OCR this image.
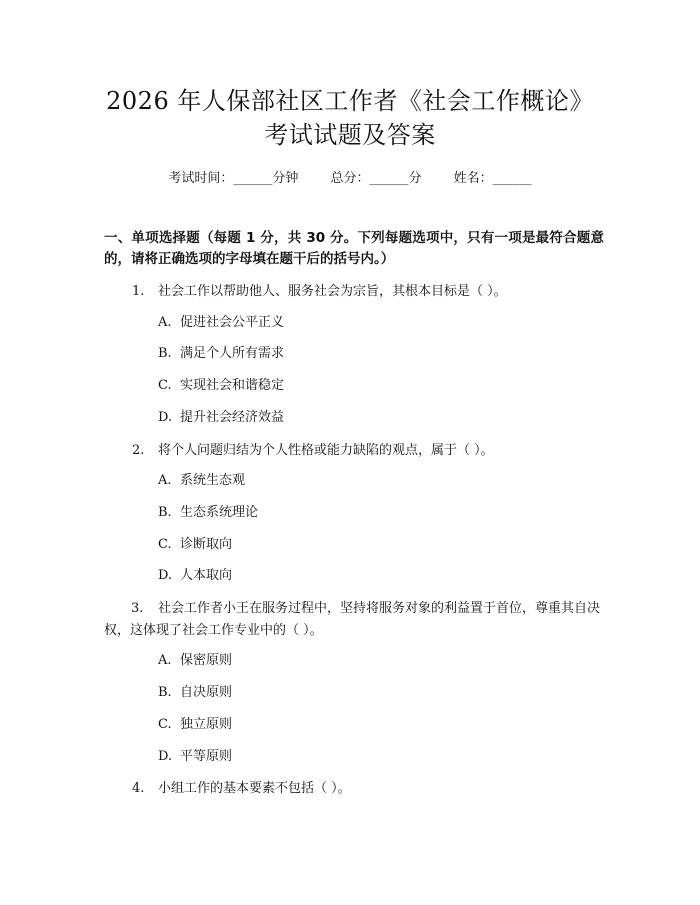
2026 年人保部社区工作者《社会工作概论》
考试试题及答案
考试时间：______分钟 总分：______分 姓名：______
一、单项选择题（每题 1 分，共 30 分。下列每题选项中，只有一项是最符合题意的，请将正确选项的字母填在题干后的括号内。）
1. 社会工作以帮助他人、服务社会为宗旨，其根本目标是（ ）。
A. 促进社会公平正义
B. 满足个人所有需求
C. 实现社会和谐稳定
D. 提升社会经济效益
2. 将个人问题归结为个人性格或能力缺陷的观点，属于（ ）。
A. 系统生态观
B. 生态系统理论
C. 诊断取向
D. 人本取向
3. 社会工作者小王在服务过程中，坚持将服务对象的利益置于首位，尊重其自决权，这体现了社会工作专业中的（ ）。
A. 保密原则
B. 自决原则
C. 独立原则
D. 平等原则
4. 小组工作的基本要素不包括（ ）。
